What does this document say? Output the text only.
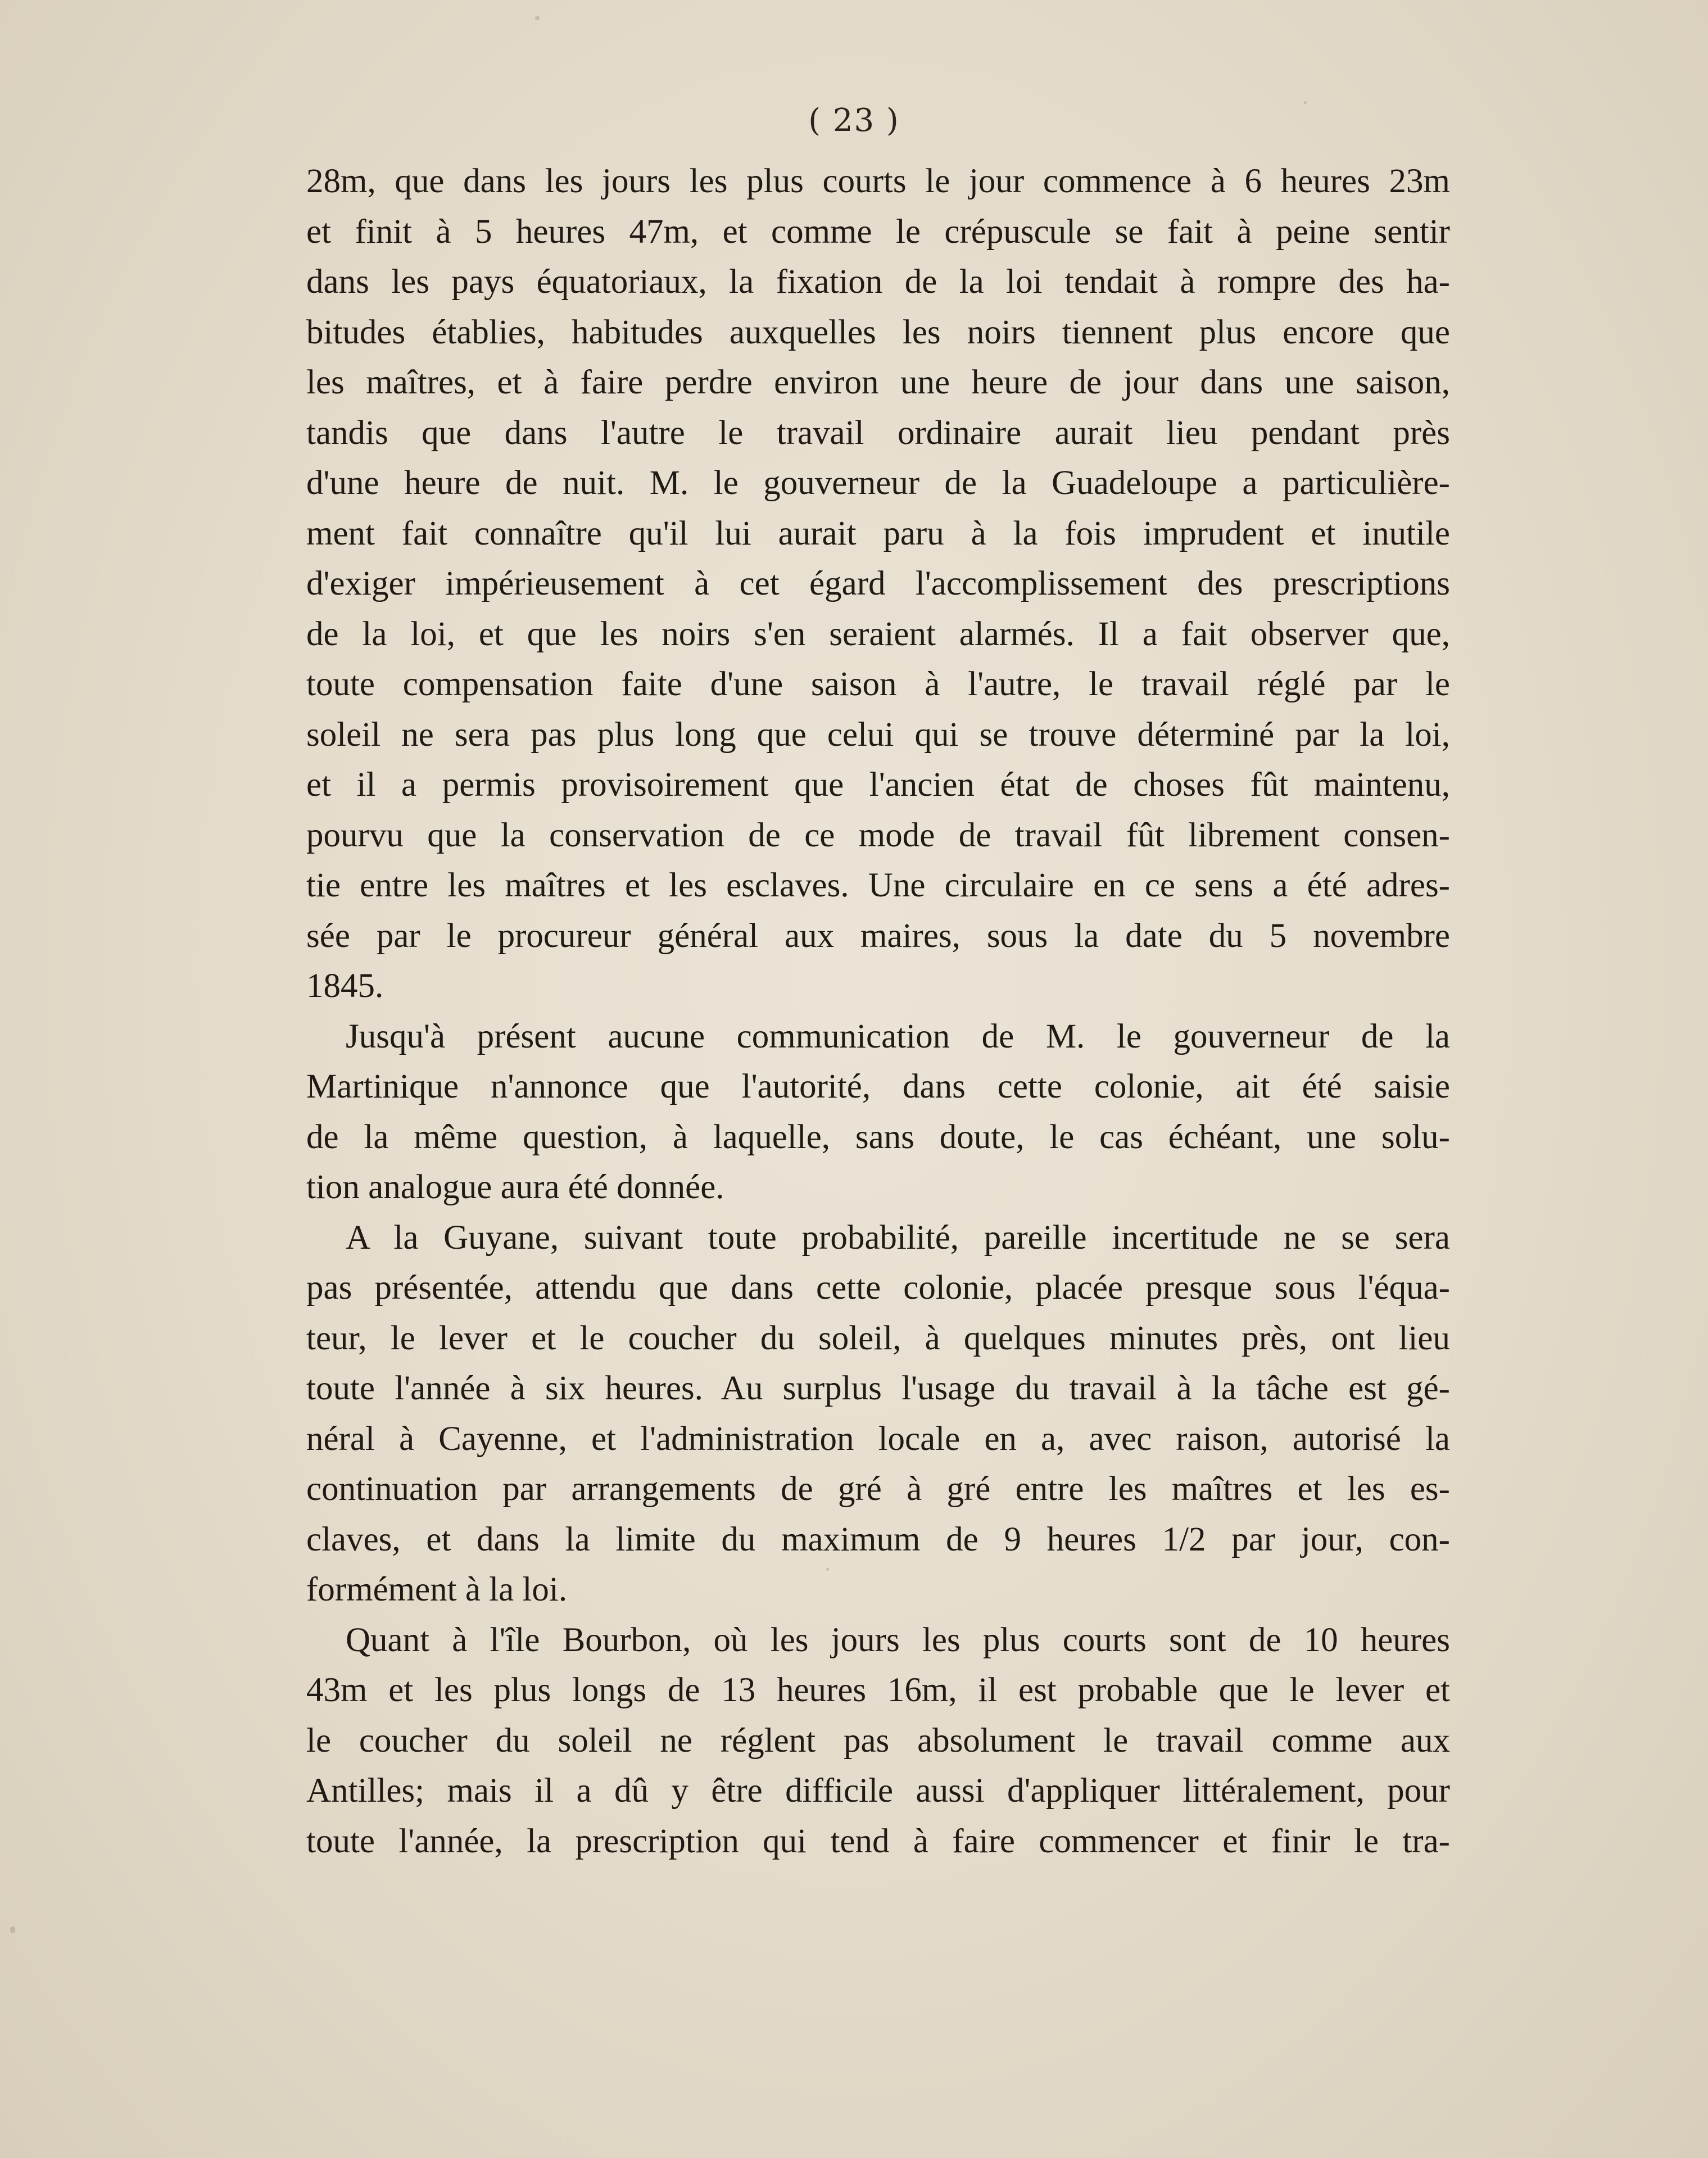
( 23 )

28m, que dans les jours les plus courts le jour commence à 6 heures 23m

et finit à 5 heures 47m, et comme le crépuscule se fait à peine sentir

dans les pays équatoriaux, la fixation de la loi tendait à rompre des ha-

bitudes établies, habitudes auxquelles les noirs tiennent plus encore que

les maîtres, et à faire perdre environ une heure de jour dans une saison,

tandis que dans l'autre le travail ordinaire aurait lieu pendant près

d'une heure de nuit. M. le gouverneur de la Guadeloupe a particulière-

ment fait connaître qu'il lui aurait paru à la fois imprudent et inutile

d'exiger impérieusement à cet égard l'accomplissement des prescriptions

de la loi, et que les noirs s'en seraient alarmés. Il a fait observer que,

toute compensation faite d'une saison à l'autre, le travail réglé par le

soleil ne sera pas plus long que celui qui se trouve déterminé par la loi,

et il a permis provisoirement que l'ancien état de choses fût maintenu,

pourvu que la conservation de ce mode de travail fût librement consen-

tie entre les maîtres et les esclaves. Une circulaire en ce sens a été adres-

sée par le procureur général aux maires, sous la date du 5 novembre

1845.

Jusqu'à présent aucune communication de M. le gouverneur de la

Martinique n'annonce que l'autorité, dans cette colonie, ait été saisie

de la même question, à laquelle, sans doute, le cas échéant, une solu-

tion analogue aura été donnée.

A la Guyane, suivant toute probabilité, pareille incertitude ne se sera

pas présentée, attendu que dans cette colonie, placée presque sous l'équa-

teur, le lever et le coucher du soleil, à quelques minutes près, ont lieu

toute l'année à six heures. Au surplus l'usage du travail à la tâche est gé-

néral à Cayenne, et l'administration locale en a, avec raison, autorisé la

continuation par arrangements de gré à gré entre les maîtres et les es-

claves, et dans la limite du maximum de 9 heures 1/2 par jour, con-

formément à la loi.

Quant à l'île Bourbon, où les jours les plus courts sont de 10 heures

43m et les plus longs de 13 heures 16m, il est probable que le lever et

le coucher du soleil ne réglent pas absolument le travail comme aux

Antilles; mais il a dû y être difficile aussi d'appliquer littéralement, pour

toute l'année, la prescription qui tend à faire commencer et finir le tra-
